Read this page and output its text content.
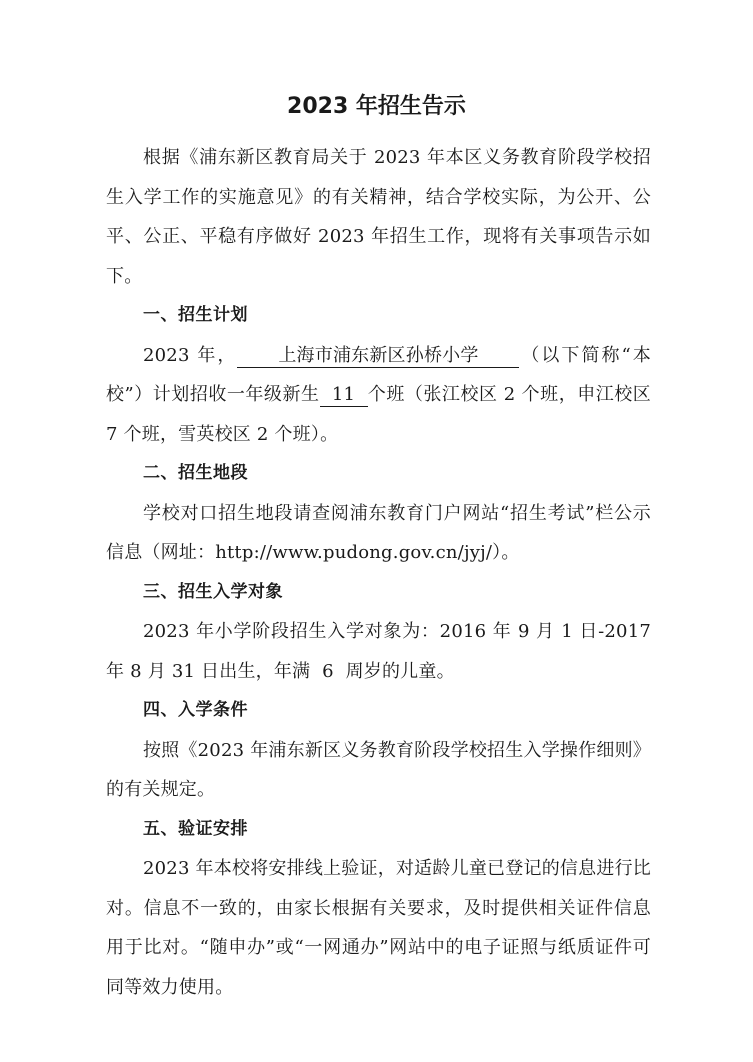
2023 年招生告示

根据《浦东新区教育局关于 2023 年本区义务教育阶段学校招生入学工作的实施意见》的有关精神，结合学校实际，为公开、公平、公正、平稳有序做好 2023 年招生工作，现将有关事项告示如下。

一、招生计划

2023 年， 上海市浦东新区孙桥小学 （以下简称“本校”）计划招收一年级新生 11 个班（张江校区 2 个班，申江校区 7 个班，雪英校区 2 个班）。

二、招生地段

学校对口招生地段请查阅浦东教育门户网站“招生考试”栏公示信息（网址：http://www.pudong.gov.cn/jyj/）。

三、招生入学对象

2023 年小学阶段招生入学对象为：2016 年 9 月 1 日-2017 年 8 月 31 日出生，年满  6  周岁的儿童。

四、入学条件

按照《2023 年浦东新区义务教育阶段学校招生入学操作细则》的有关规定。

五、验证安排

2023 年本校将安排线上验证，对适龄儿童已登记的信息进行比对。信息不一致的，由家长根据有关要求，及时提供相关证件信息用于比对。“随申办”或“一网通办”网站中的电子证照与纸质证件可同等效力使用。
